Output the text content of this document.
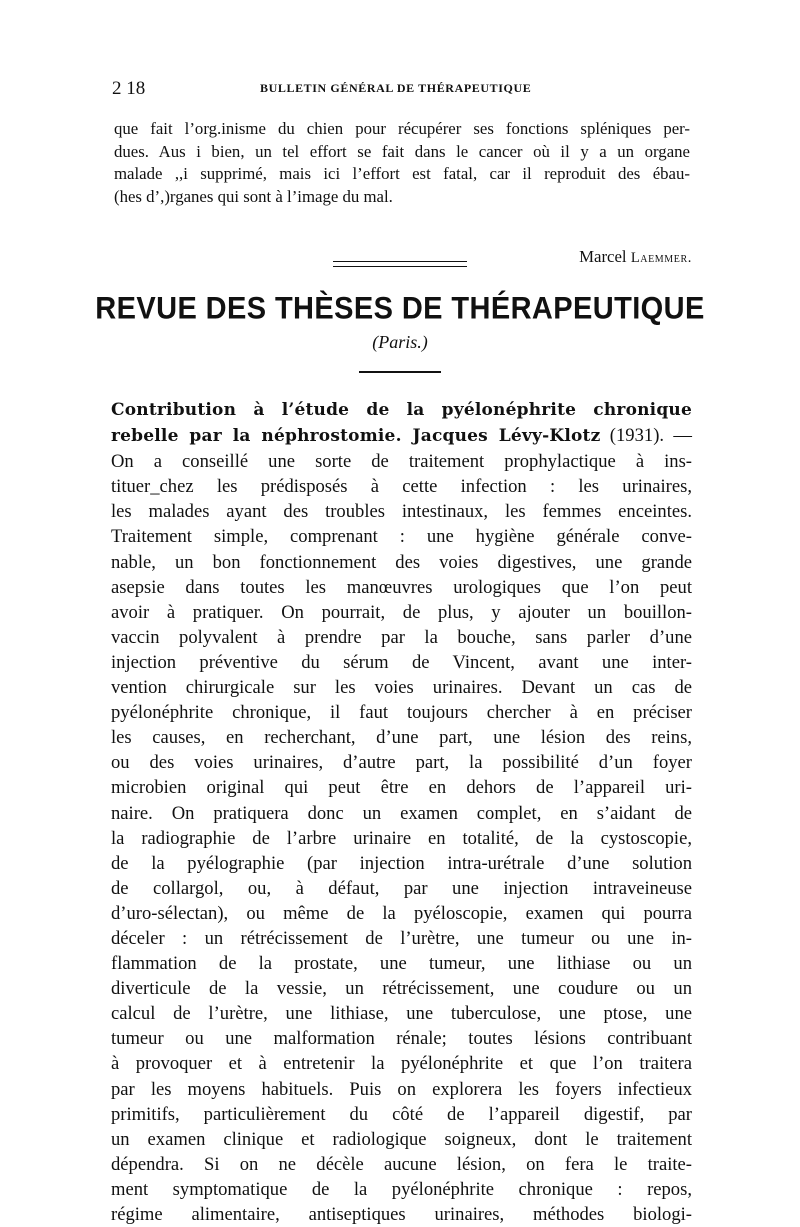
2 18	BULLETIN GÉNÉRAL DE THÉRAPEUTIQUE
que fait l’org.inisme du chien pour récupérer ses fonctions spléniques per-
dues. Aus i bien, un tel effort se fait dans le cancer où il y a un organe
malade ,,i supprimé, mais ici l’effort est fatal, car il reproduit des ébau-
(hes d’,)rganes qui sont à l’image du mal.
Marcel Laemmer.
REVUE DES THÈSES DE THÉRAPEUTIQUE
(Paris.)
Contribution à l’étude de la pyélonéphrite chronique
rebelle par la néphrostomie. Jacques Lévy-Klotz (1931). —
On a conseillé une sorte de traitement prophylactique à ins-
tituer_chez les prédisposés à cette infection : les urinaires,
les malades ayant des troubles intestinaux, les femmes enceintes.
Traitement simple, comprenant : une hygiène générale conve-
nable, un bon fonctionnement des voies digestives, une grande
asepsie dans toutes les manœuvres urologiques que l’on peut
avoir à pratiquer. On pourrait, de plus, y ajouter un bouillon-
vaccin polyvalent à prendre par la bouche, sans parler d’une
injection préventive du sérum de Vincent, avant une inter-
vention chirurgicale sur les voies urinaires. Devant un cas de
pyélonéphrite chronique, il faut toujours chercher à en préciser
les causes, en recherchant, d’une part, une lésion des reins,
ou des voies urinaires, d’autre part, la possibilité d’un foyer
microbien original qui peut être en dehors de l’appareil uri-
naire. On pratiquera donc un examen complet, en s’aidant de
la radiographie de l’arbre urinaire en totalité, de la cystoscopie,
de la pyélographie (par injection intra-urétrale d’une solution
de collargol, ou, à défaut, par une injection intraveineuse
d’uro-sélectan), ou même de la pyéloscopie, examen qui pourra
déceler : un rétrécissement de l’urètre, une tumeur ou une in-
flammation de la prostate, une tumeur, une lithiase ou un
diverticule de la vessie, un rétrécissement, une coudure ou un
calcul de l’urètre, une lithiase, une tuberculose, une ptose, une
tumeur ou une malformation rénale; toutes lésions contribuant
à provoquer et à entretenir la pyélonéphrite et que l’on traitera
par les moyens habituels. Puis on explorera les foyers infectieux
primitifs, particulièrement du côté de l’appareil digestif, par
un examen clinique et radiologique soigneux, dont le traitement
dépendra. Si on ne décèle aucune lésion, on fera le traite-
ment symptomatique de la pyélonéphrite chronique : repos,
régime alimentaire, antiseptiques urinaires, méthodes biologi-
